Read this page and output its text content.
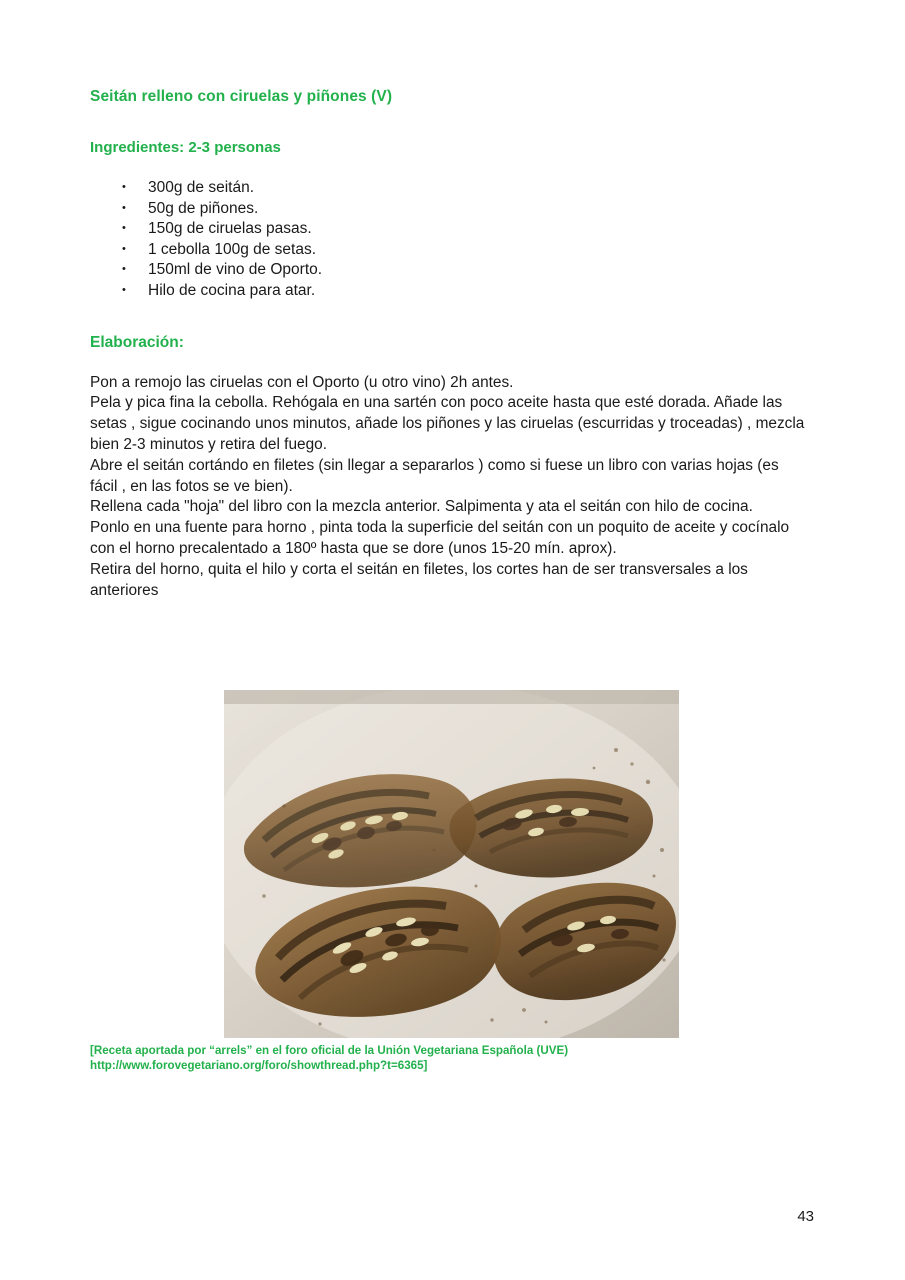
Seitán relleno con ciruelas y piñones (V)
Ingredientes: 2-3 personas
• 300g de seitán.
• 50g de piñones.
• 150g de ciruelas pasas.
• 1 cebolla 100g de setas.
• 150ml de vino de Oporto.
• Hilo de cocina para atar.
Elaboración:

Pon a remojo las ciruelas con el Oporto (u otro vino) 2h antes.

Pela y pica fina la cebolla. Rehógala en una sartén con poco aceite hasta que esté dorada. Añade las setas , sigue cocinando unos minutos, añade los piñones y las ciruelas (escurridas y troceadas) , mezcla bien 2-3 minutos y retira del fuego.

Abre el seitán cortándo en filetes (sin llegar a separarlos ) como si fuese un libro con varias hojas (es fácil , en las fotos se ve bien).

Rellena cada "hoja" del libro con la mezcla anterior. Salpimenta y ata el seitán con hilo de cocina.

Ponlo en una fuente para horno , pinta toda la superficie del seitán con un poquito de aceite y cocínalo con el horno precalentado a 180º hasta que se dore (unos 15-20 mín. aprox).

Retira del horno, quita el hilo y corta el seitán en filetes, los cortes han de ser transversales a los anteriores

[Receta aportada por “arrels” en el foro oficial de la Unión Vegetariana Española (UVE)
http://www.forovegetariano.org/foro/showthread.php?t=6365]
43
